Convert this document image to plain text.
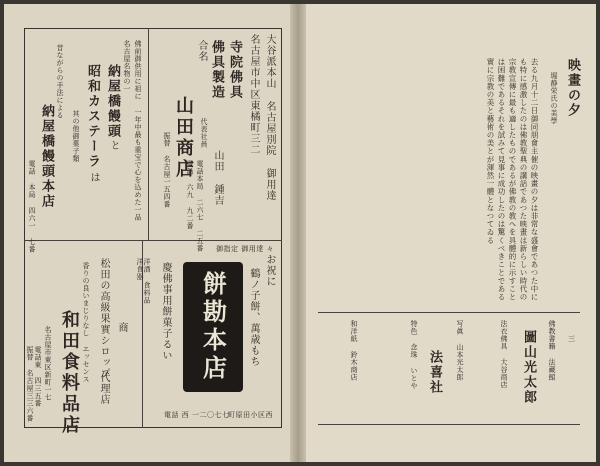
大谷派本山 名古屋別院 御用達
名古屋市中区東橘町三二
寺院佛具
佛具製造
合名
山田商店 代表社員
山田 鍾吉
電話本局 二六七 二五番
電話 六九 九二番
振替 名古屋一五四番
佛前御供用に祖に 一年中最も重宝で心を込めた一品
名古屋名物の一
納屋橋饅頭
と
昭和カステーラ
は
其の他御菓子類
昔ながらの手法による
納屋橋饅頭本店
電話 本局 四六一 七番
お祝に
鶴ノ子餅、萬歳もち
慶佛事用餅菓子るい
御指定 御用達 々
餅勘本店
町原田小区西
電話 西 一二〇七七
洋酒 食料品 洋食器
商
松田の高級果實シロップ
香りの良いまじりなし エッセンス
代理店
和田食料品店
名古屋市東区新町一七
電話東 四三五番
振替 名古屋三三六番
三
映畫の夕
堀静栄氏の美學
去る九月十二日御同朋會主催の映畫の夕は非常な盛會であつた中にも特に感激したのは佛教聖典の講話であつた映畫は新らしい時代の宗教宣傳に最も適したものであるが佛教の教へを具體的に示すことは困難であるそれを試みて見事に成功したのは驚くべきことである實に宗教の美と藝術の美とが渾然一體となつてゐる
佛教書籍 法藏館
法衣佛具 大谷商店
写眞 山本光太郎
特色 念珠 いとや
和洋紙 鈴木商店	圖山光太郎
法喜社
